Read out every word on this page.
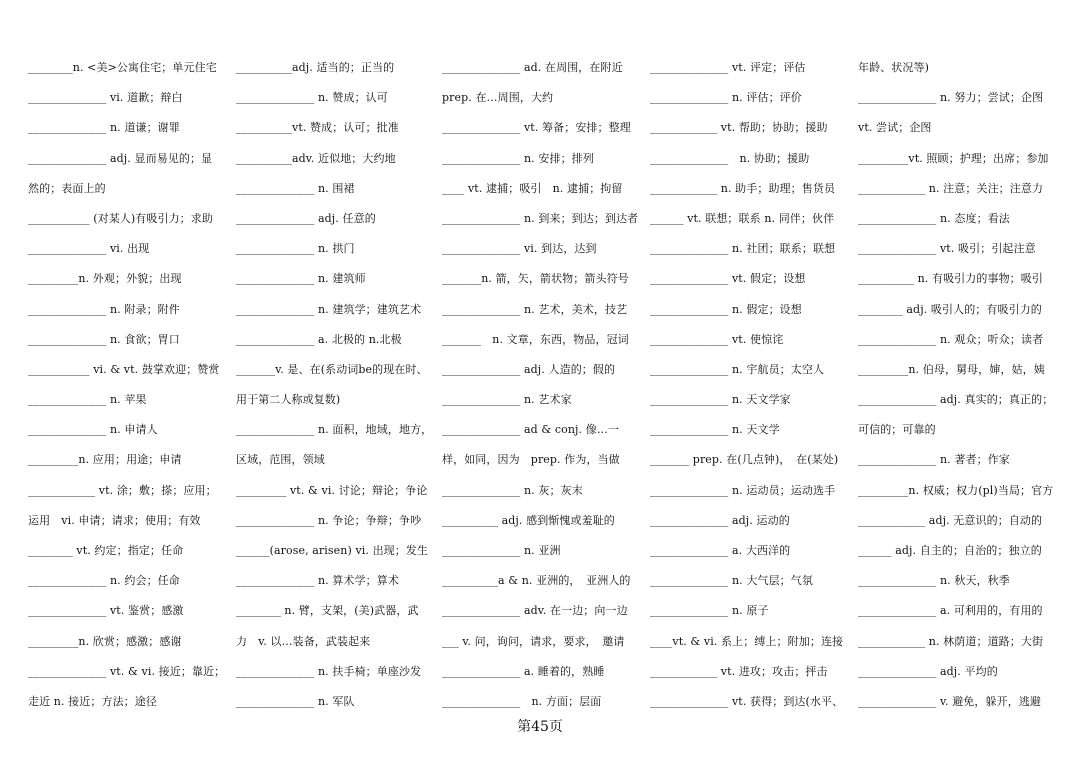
________n. <美>公寓住宅；单元住宅
______________ vi. 道歉；辩白
______________ n. 道谦；谢罪
______________ adj. 显而易见的；显
然的；表面上的
___________ (对某人)有吸引力；求助
______________ vi. 出现
_________n. 外观；外貌；出现
______________ n. 附录；附件
______________ n. 食欲；胃口
___________ vi. & vt. 鼓掌欢迎；赞赏
______________ n. 苹果
______________ n. 申请人
_________n. 应用；用途；申请
____________ vt. 涂；敷；搽；应用；
运用　vi. 申请；请求；使用；有效
________ vt. 约定；指定；任命
______________ n. 约会；任命
______________ vt. 鉴赏；感激
_________n. 欣赏；感激；感谢
______________ vt. & vi. 接近；靠近；
走近 n. 接近；方法；途径
__________adj. 适当的；正当的
______________ n. 赞成；认可
__________vt. 赞成；认可；批准
__________adv. 近似地；大约地
______________ n. 围裙
______________ adj. 任意的
______________ n. 拱门
______________ n. 建筑师
______________ n. 建筑学；建筑艺术
______________ a. 北极的 n.北极
_______v. 是、在(系动词be的现在时、
用于第二人称或复数)
______________ n. 面积，地域，地方，
区域，范围，领域
_________ vt. & vi. 讨论；辩论；争论
______________ n. 争论；争辩；争吵
______(arose, arisen) vi. 出现；发生
______________ n. 算术学；算术
________ n. 臂，支架，(美)武器，武
力　v. 以…装备，武装起来
______________ n. 扶手椅；单座沙发
______________ n. 军队
______________ ad. 在周围，在附近
prep. 在…周围，大约
______________ vt. 筹备；安排；整理
______________ n. 安排；排列
____ vt. 逮捕；吸引　n. 逮捕；拘留
______________ n. 到来；到达；到达者
______________ vi. 到达，达到
_______n. 箭，矢，箭状物；箭头符号
______________ n. 艺术，美术，技艺
_______　n. 文章，东西，物品，冠词
______________ adj. 人造的；假的
______________ n. 艺术家
______________ ad & conj. 像…一
样，如同，因为　prep. 作为，当做
______________ n. 灰；灰末
__________ adj. 感到惭愧或羞耻的
______________ n. 亚洲
__________a & n. 亚洲的，　亚洲人的
______________ adv. 在一边；向一边
___ v. 问，询问，请求，要求，　邀请
______________ a. 睡着的，熟睡
______________　n. 方面；层面
______________ vt. 评定；评估
______________ n. 评估；评价
____________ vt. 帮助；协助；援助
______________　n. 协助；援助
____________ n. 助手；助理；售货员
______ vt. 联想；联系 n. 同伴；伙伴
______________ n. 社团；联系；联想
______________ vt. 假定；设想
______________ n. 假定；设想
______________ vt. 使惊诧
______________ n. 宇航员；太空人
______________ n. 天文学家
______________ n. 天文学
_______ prep. 在(几点钟)，　在(某处)
______________ n. 运动员；运动选手
______________ adj. 运动的
______________ a. 大西洋的
______________ n. 大气层；气氛
______________ n. 原子
____vt. & vi. 系上；缚上；附加；连接
____________ vt. 进攻；攻击；抨击
______________ vt. 获得；到达(水平、
年龄、状况等)
______________ n. 努力；尝试；企图
vt. 尝试；企图
_________vt. 照顾；护理；出席；参加
____________ n. 注意；关注；注意力
______________ n. 态度；看法
______________ vt. 吸引；引起注意
__________ n. 有吸引力的事物；吸引
________ adj. 吸引人的；有吸引力的
______________ n. 观众；听众；读者
_________n. 伯母，舅母，婶，姑，姨
______________ adj. 真实的；真正的；
可信的；可靠的
______________ n. 著者；作家
_________n. 权威；权力(pl)当局；官方
____________ adj. 无意识的；自动的
______ adj. 自主的；自治的；独立的
______________ n. 秋天，秋季
______________ a. 可利用的，有用的
____________ n. 林荫道；道路；大街
______________ adj. 平均的
______________ v. 避免，躲开，逃避
第45页
